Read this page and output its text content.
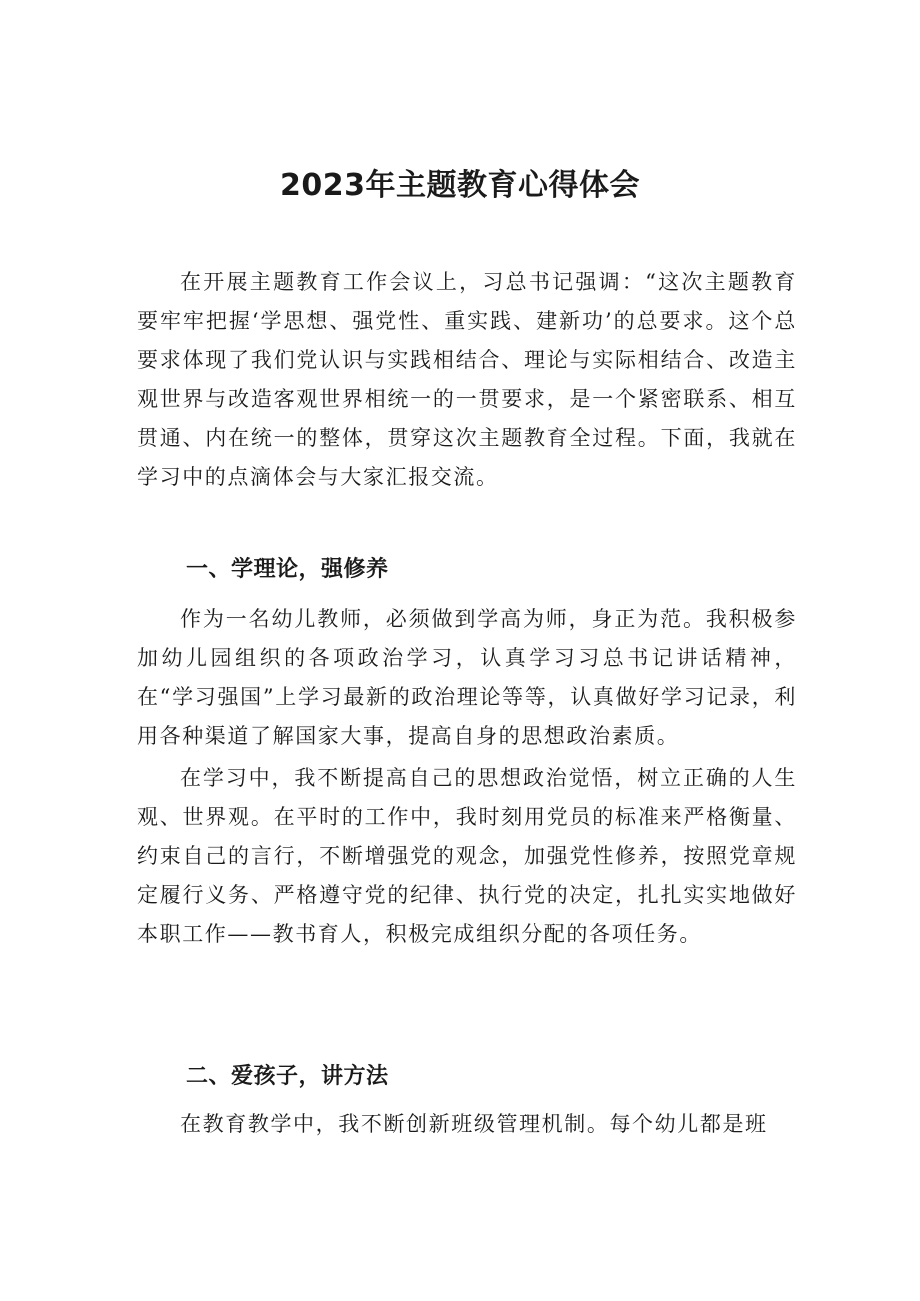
2023年主题教育心得体会

在开展主题教育工作会议上，习总书记强调：“这次主题教育要牢牢把握‘学思想、强党性、重实践、建新功’的总要求。这个总要求体现了我们党认识与实践相结合、理论与实际相结合、改造主观世界与改造客观世界相统一的一贯要求，是一个紧密联系、相互贯通、内在统一的整体，贯穿这次主题教育全过程。下面，我就在学习中的点滴体会与大家汇报交流。

一、学理论，强修养

作为一名幼儿教师，必须做到学高为师，身正为范。我积极参加幼儿园组织的各项政治学习，认真学习习总书记讲话精神，在“学习强国”上学习最新的政治理论等等，认真做好学习记录，利用各种渠道了解国家大事，提高自身的思想政治素质。

在学习中，我不断提高自己的思想政治觉悟，树立正确的人生观、世界观。在平时的工作中，我时刻用党员的标准来严格衡量、约束自己的言行，不断增强党的观念，加强党性修养，按照党章规定履行义务、严格遵守党的纪律、执行党的决定，扎扎实实地做好本职工作——教书育人，积极完成组织分配的各项任务。

二、爱孩子，讲方法

在教育教学中，我不断创新班级管理机制。每个幼儿都是班
